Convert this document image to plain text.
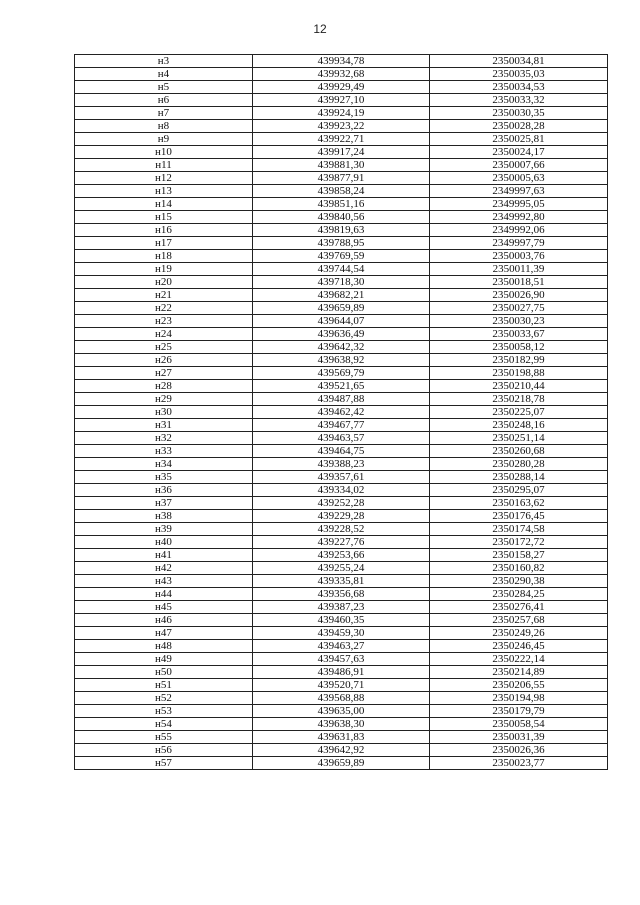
12
н3	439934,78	2350034,81
н4	439932,68	2350035,03
н5	439929,49	2350034,53
н6	439927,10	2350033,32
н7	439924,19	2350030,35
н8	439923,22	2350028,28
н9	439922,71	2350025,81
н10	439917,24	2350024,17
н11	439881,30	2350007,66
н12	439877,91	2350005,63
н13	439858,24	2349997,63
н14	439851,16	2349995,05
н15	439840,56	2349992,80
н16	439819,63	2349992,06
н17	439788,95	2349997,79
н18	439769,59	2350003,76
н19	439744,54	2350011,39
н20	439718,30	2350018,51
н21	439682,21	2350026,90
н22	439659,89	2350027,75
н23	439644,07	2350030,23
н24	439636,49	2350033,67
н25	439642,32	2350058,12
н26	439638,92	2350182,99
н27	439569,79	2350198,88
н28	439521,65	2350210,44
н29	439487,88	2350218,78
н30	439462,42	2350225,07
н31	439467,77	2350248,16
н32	439463,57	2350251,14
н33	439464,75	2350260,68
н34	439388,23	2350280,28
н35	439357,61	2350288,14
н36	439334,02	2350295,07
н37	439252,28	2350163,62
н38	439229,28	2350176,45
н39	439228,52	2350174,58
н40	439227,76	2350172,72
н41	439253,66	2350158,27
н42	439255,24	2350160,82
н43	439335,81	2350290,38
н44	439356,68	2350284,25
н45	439387,23	2350276,41
н46	439460,35	2350257,68
н47	439459,30	2350249,26
н48	439463,27	2350246,45
н49	439457,63	2350222,14
н50	439486,91	2350214,89
н51	439520,71	2350206,55
н52	439568,88	2350194,98
н53	439635,00	2350179,79
н54	439638,30	2350058,54
н55	439631,83	2350031,39
н56	439642,92	2350026,36
н57	439659,89	2350023,77
